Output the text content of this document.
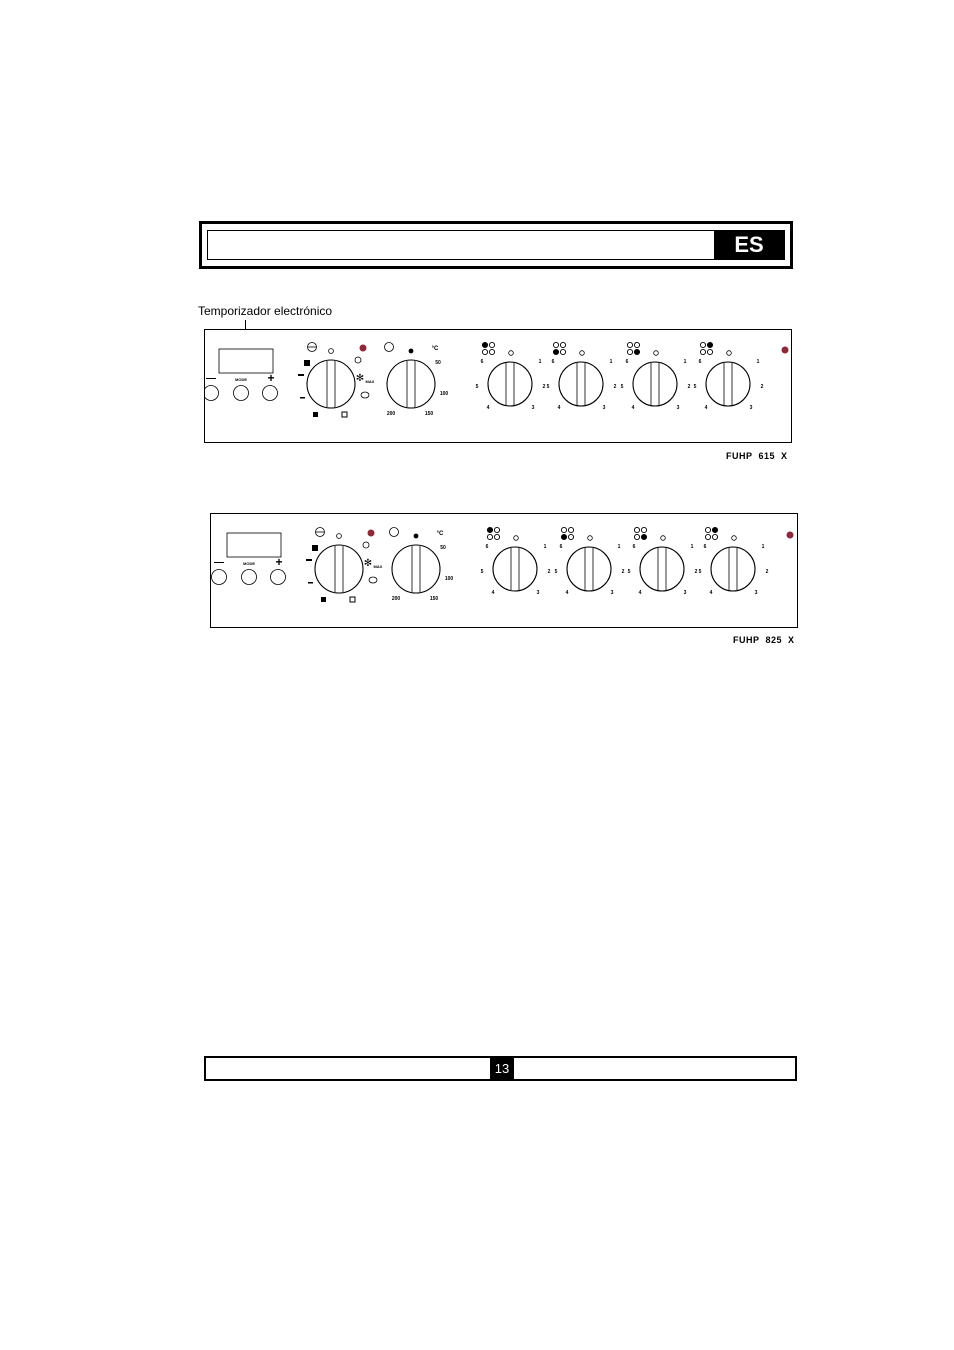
ES
Temporizador electrónico
—	MODE +	✻ MAX
°C
50
100
150
200
1
2
3
4
5
6	1
2
3
4
5
6	1
2
3
4
5
6	1
2
3
4
5
6
FUHP 615 X
—	MODE +	✻ MAX
°C
50
100
150
200
1
2
3
4
5
6	1
2
3
4
5
6	1
2
3
4
5
6	1
2
3
4
5
6
FUHP 825 X
13
